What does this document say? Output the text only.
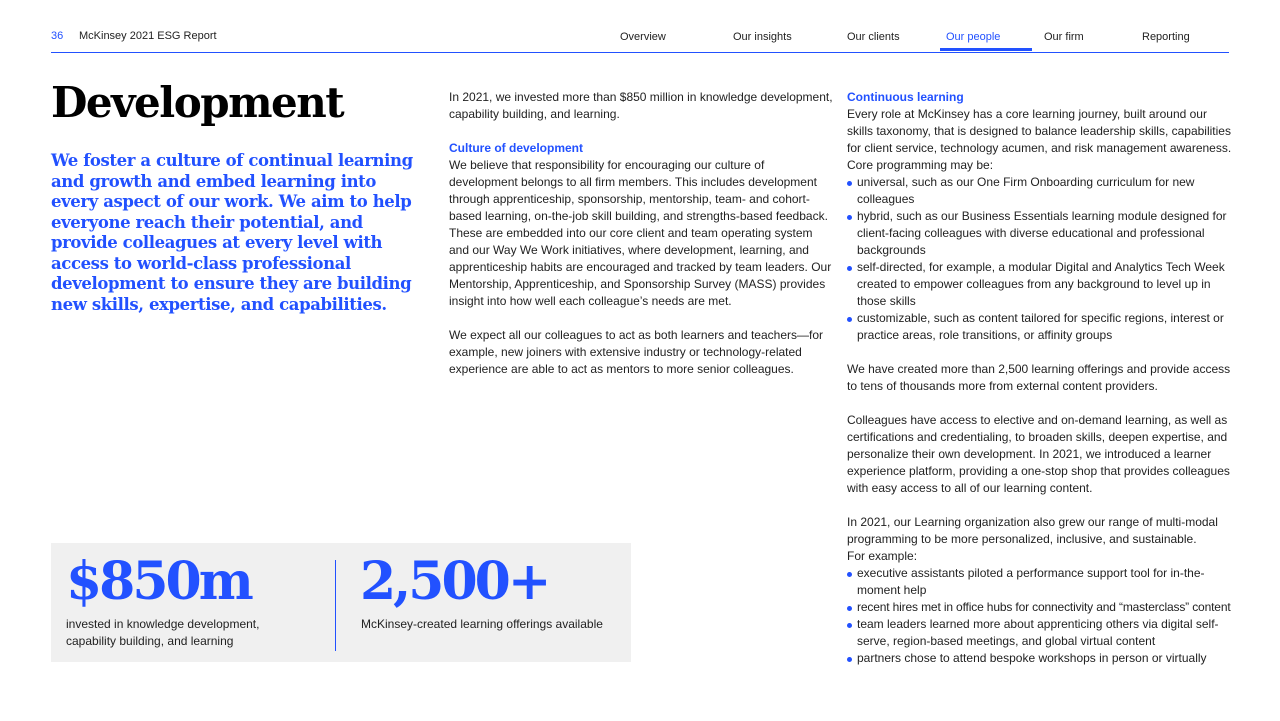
36 McKinsey 2021 ESG Report	Overview	Our insights	Our clients	Our people	Our firm	Reporting
Development

We foster a culture of continual learning and growth and embed learning into every aspect of our work. We aim to help everyone reach their potential, and provide colleagues at every level with access to world-class professional development to ensure they are building new skills, expertise, and capabilities.

In 2021, we invested more than $850 million in knowledge development, capability building, and learning.

Culture of development

We believe that responsibility for encouraging our culture of development belongs to all firm members. This includes development through apprenticeship, sponsorship, mentorship, team- and cohort-based learning, on-the-job skill building, and strengths-based feedback. These are embedded into our core client and team operating system and our Way We Work initiatives, where development, learning, and apprenticeship habits are encouraged and tracked by team leaders. Our Mentorship, Apprenticeship, and Sponsorship Survey (MASS) provides insight into how well each colleague’s needs are met.

We expect all our colleagues to act as both learners and teachers—for example, new joiners with extensive industry or technology-related experience are able to act as mentors to more senior colleagues.

Continuous learning

Every role at McKinsey has a core learning journey, built around our skills taxonomy, that is designed to balance leadership skills, capabilities for client service, technology acumen, and risk management awareness. Core programming may be:

universal, such as our One Firm Onboarding curriculum for new colleagues
hybrid, such as our Business Essentials learning module designed for client-facing colleagues with diverse educational and professional backgrounds
self-directed, for example, a modular Digital and Analytics Tech Week created to empower colleagues from any background to level up in those skills
customizable, such as content tailored for specific regions, interest or practice areas, role transitions, or affinity groups

We have created more than 2,500 learning offerings and provide access to tens of thousands more from external content providers.

Colleagues have access to elective and on-demand learning, as well as certifications and credentialing, to broaden skills, deepen expertise, and personalize their own development. In 2021, we introduced a learner experience platform, providing a one-stop shop that provides colleagues with easy access to all of our learning content.

In 2021, our Learning organization also grew our range of multi-modal programming to be more personalized, inclusive, and sustainable.

For example:

executive assistants piloted a performance support tool for in-the-moment help
recent hires met in office hubs for connectivity and “masterclass” content
team leaders learned more about apprenticing others via digital self-serve, region-based meetings, and global virtual content
partners chose to attend bespoke workshops in person or virtually
$850m
invested in knowledge development, capability building, and learning
2,500+
McKinsey-created learning offerings available
